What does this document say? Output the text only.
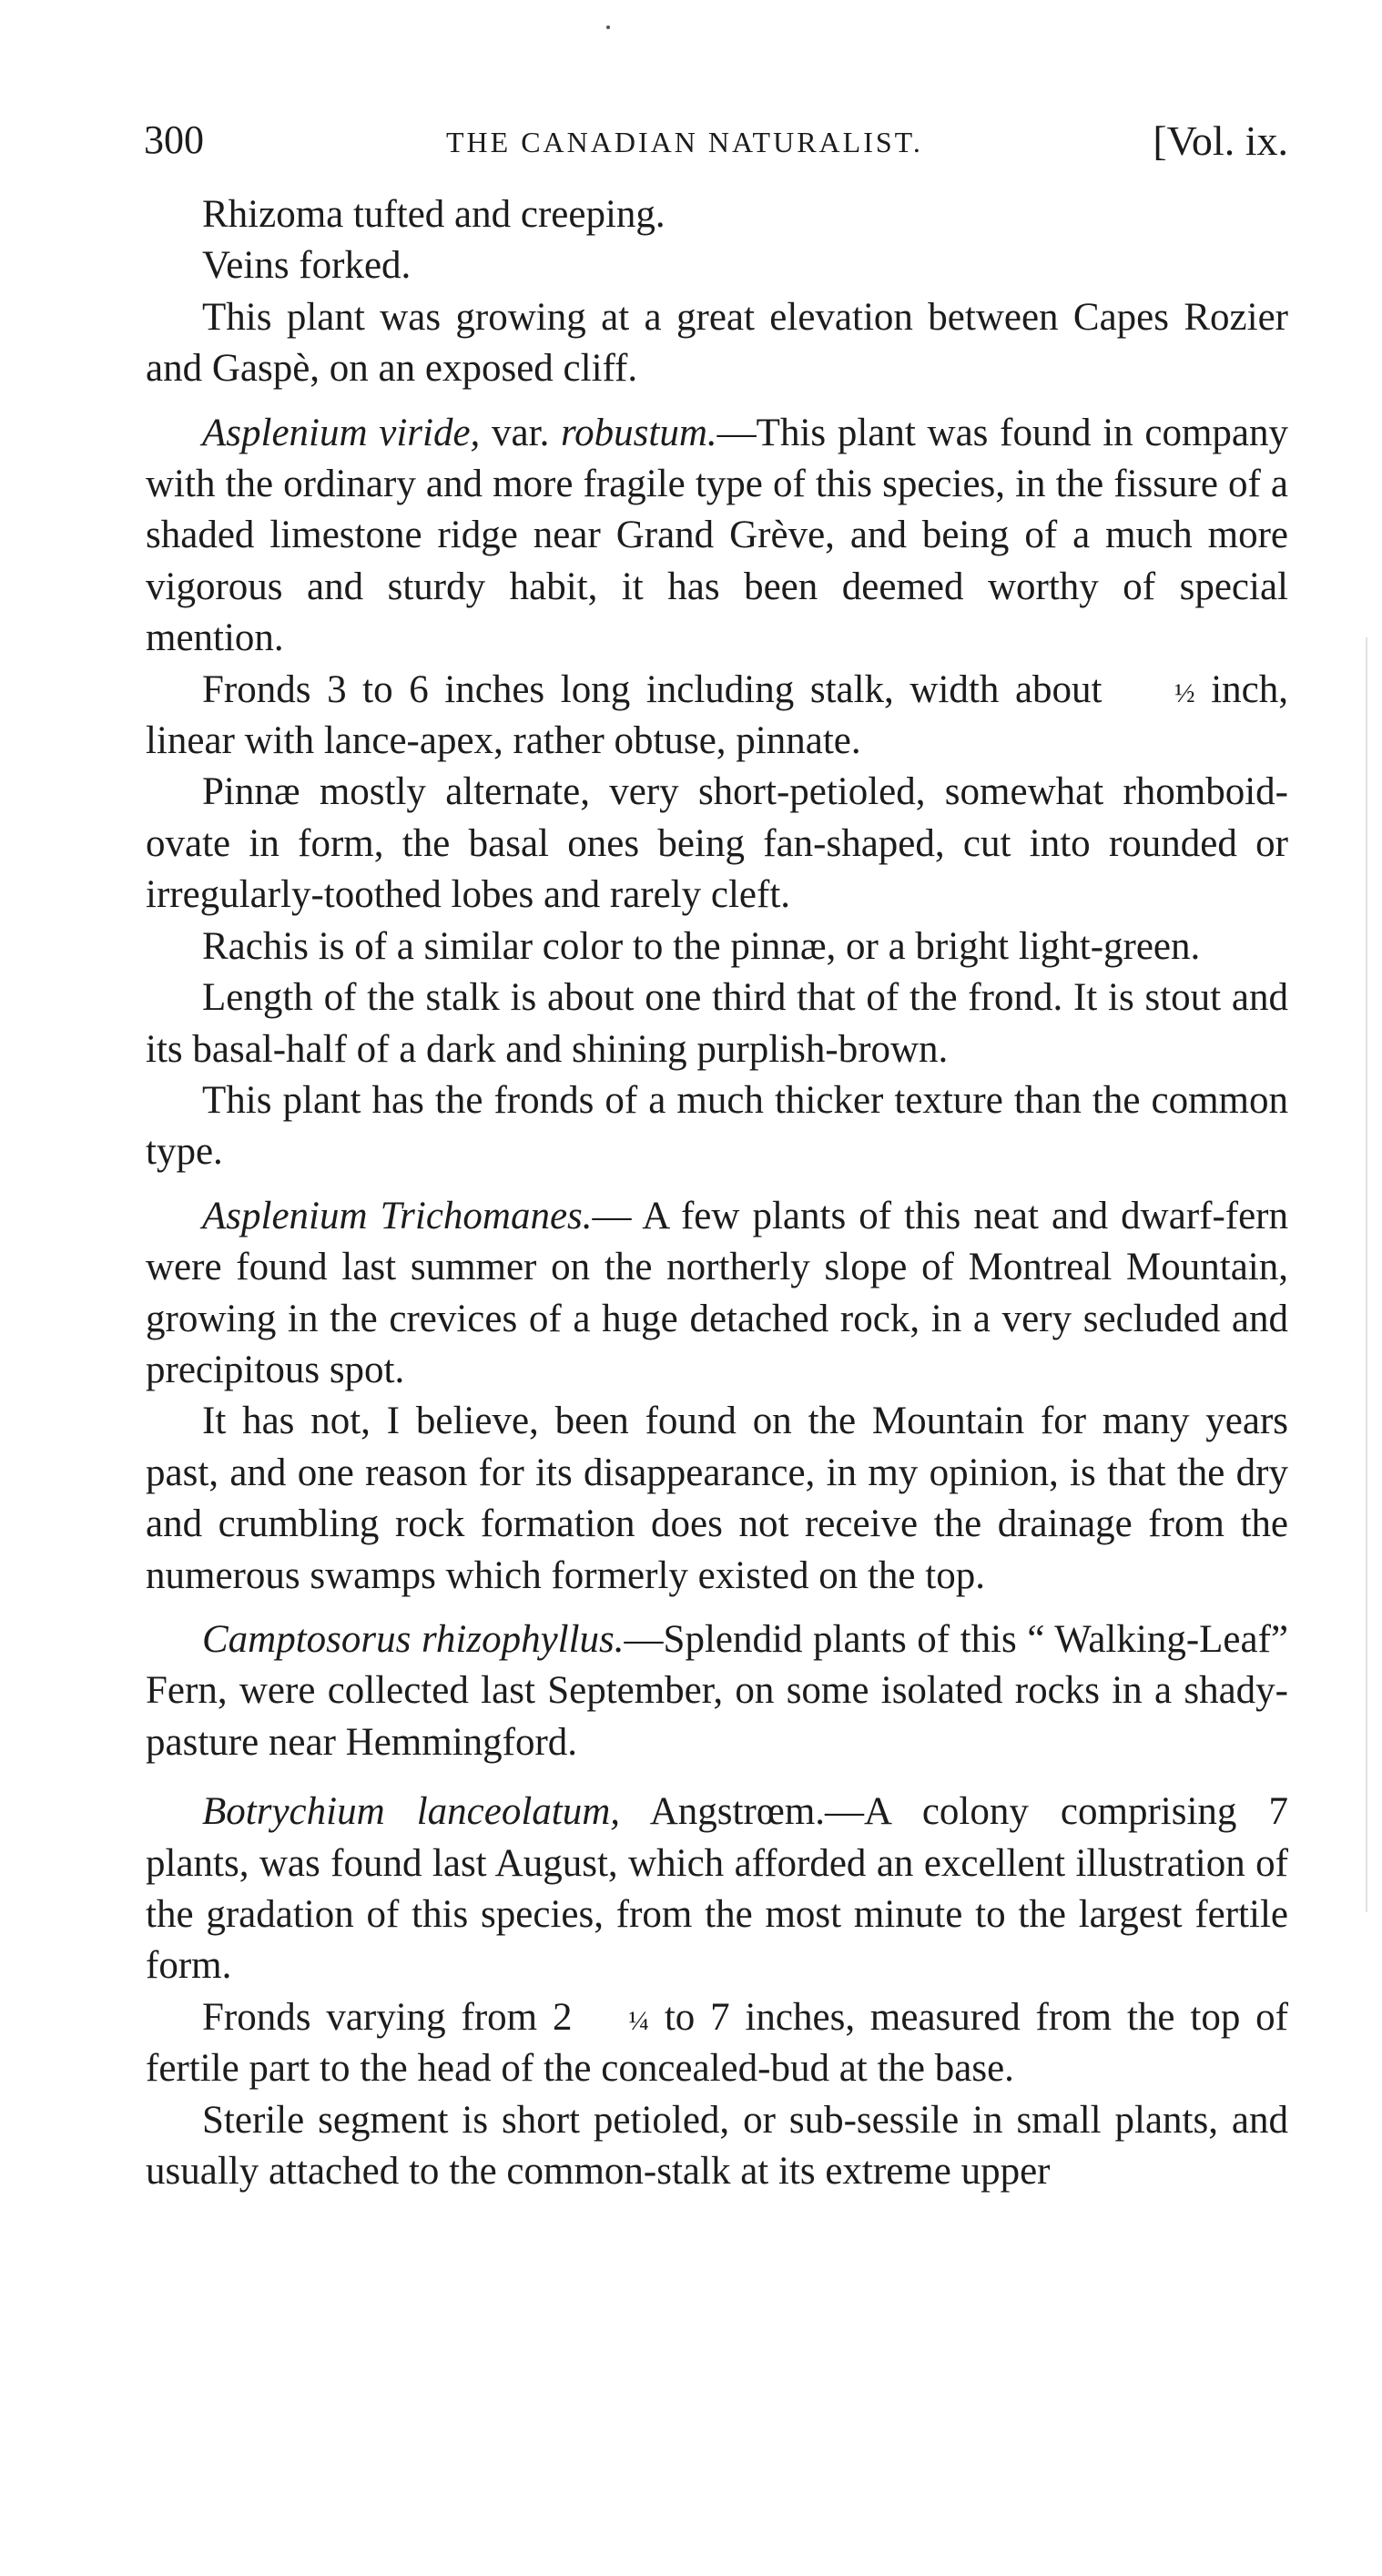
300	THE CANADIAN NATURALIST.	[Vol. ix.

Rhizoma tufted and creeping.

Veins forked.

This plant was growing at a great elevation between Capes Rozier and Gaspè, on an exposed cliff.

Asplenium viride, var. robustum.—This plant was found in company with the ordinary and more fragile type of this species, in the fissure of a shaded limestone ridge near Grand Grève, and being of a much more vigorous and sturdy habit, it has been deemed worthy of special mention.

Fronds 3 to 6 inches long including stalk, width about ½ inch, linear with lance-apex, rather obtuse, pinnate.

Pinnæ mostly alternate, very short-petioled, somewhat rhomboid-ovate in form, the basal ones being fan-shaped, cut into rounded or irregularly-toothed lobes and rarely cleft.

Rachis is of a similar color to the pinnæ, or a bright light-green.

Length of the stalk is about one third that of the frond. It is stout and its basal-half of a dark and shining purplish-brown.

This plant has the fronds of a much thicker texture than the common type.

Asplenium Trichomanes.— A few plants of this neat and dwarf-fern were found last summer on the northerly slope of Montreal Mountain, growing in the crevices of a huge detached rock, in a very secluded and precipitous spot.

It has not, I believe, been found on the Mountain for many years past, and one reason for its disappearance, in my opinion, is that the dry and crumbling rock formation does not receive the drainage from the numerous swamps which formerly existed on the top.

Camptosorus rhizophyllus.—Splendid plants of this “ Walking-Leaf” Fern, were collected last September, on some isolated rocks in a shady-pasture near Hemmingford.

Botrychium lanceolatum, Angstrœm.—A colony comprising 7 plants, was found last August, which afforded an excellent illustration of the gradation of this species, from the most minute to the largest fertile form.

Fronds varying from 2 ¼ to 7 inches, measured from the top of fertile part to the head of the concealed-bud at the base.

Sterile segment is short petioled, or sub-sessile in small plants, and usually attached to the common-stalk at its extreme upper
